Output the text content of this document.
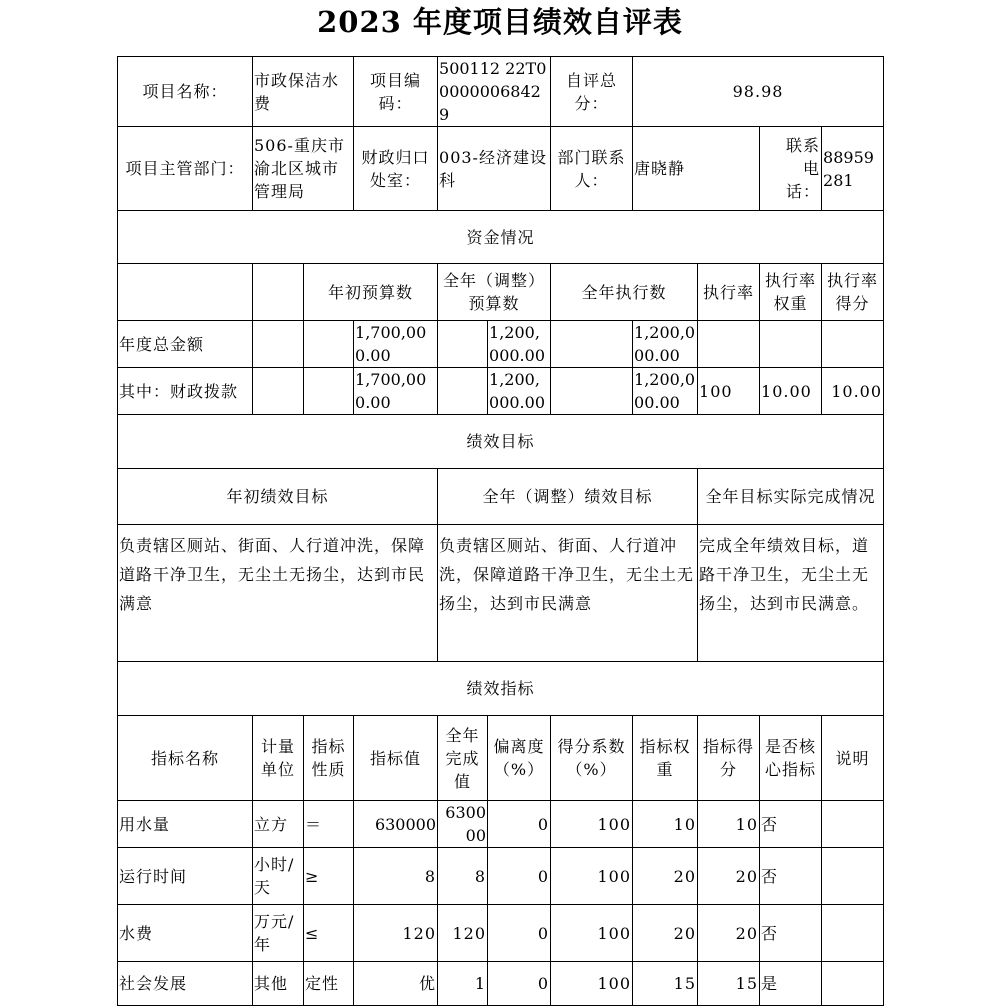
2023 年度项目绩效自评表
项目名称：	市政保洁水费		项目编码：	500112 22T000000068429		自评总分：	98.98			
项目主管部门：	506-重庆市渝北区城市管理局		财政归口处室：	003-经济建设科		部门联系人：	唐晓静		联系电话：	88959281
资金情况										
		年初预算数		全年（调整）预算数		全年执行数		执行率	执行率权重	执行率得分
年度总金额			1,700,000.00		1,200,000.00		1,200,000.00			
其中：财政拨款			1,700,000.00		1,200,000.00		1,200,000.00	100	10.00	10.00
绩效目标										
年初绩效目标				全年（调整）绩效目标				全年目标实际完成情况		
负责辖区厕站、街面、人行道冲洗，保障道路干净卫生，无尘土无扬尘，达到市民满意				负责辖区厕站、街面、人行道冲洗，保障道路干净卫生，无尘土无扬尘，达到市民满意				完成全年绩效目标，道路干净卫生，无尘土无扬尘，达到市民满意。		
绩效指标										
指标名称	计量单位	指标性质	指标值	全年完成值	偏离度（%）	得分系数（%）	指标权重	指标得分	是否核心指标	说明
用水量	立方	＝	630000	630000	0	100	10	10	否	
运行时间	小时/天	≥	8	8	0	100	20	20	否	
水费	万元/年	≤	120	120	0	100	20	20	否	
社会发展	其他	定性	优	1	0	100	15	15	是	
